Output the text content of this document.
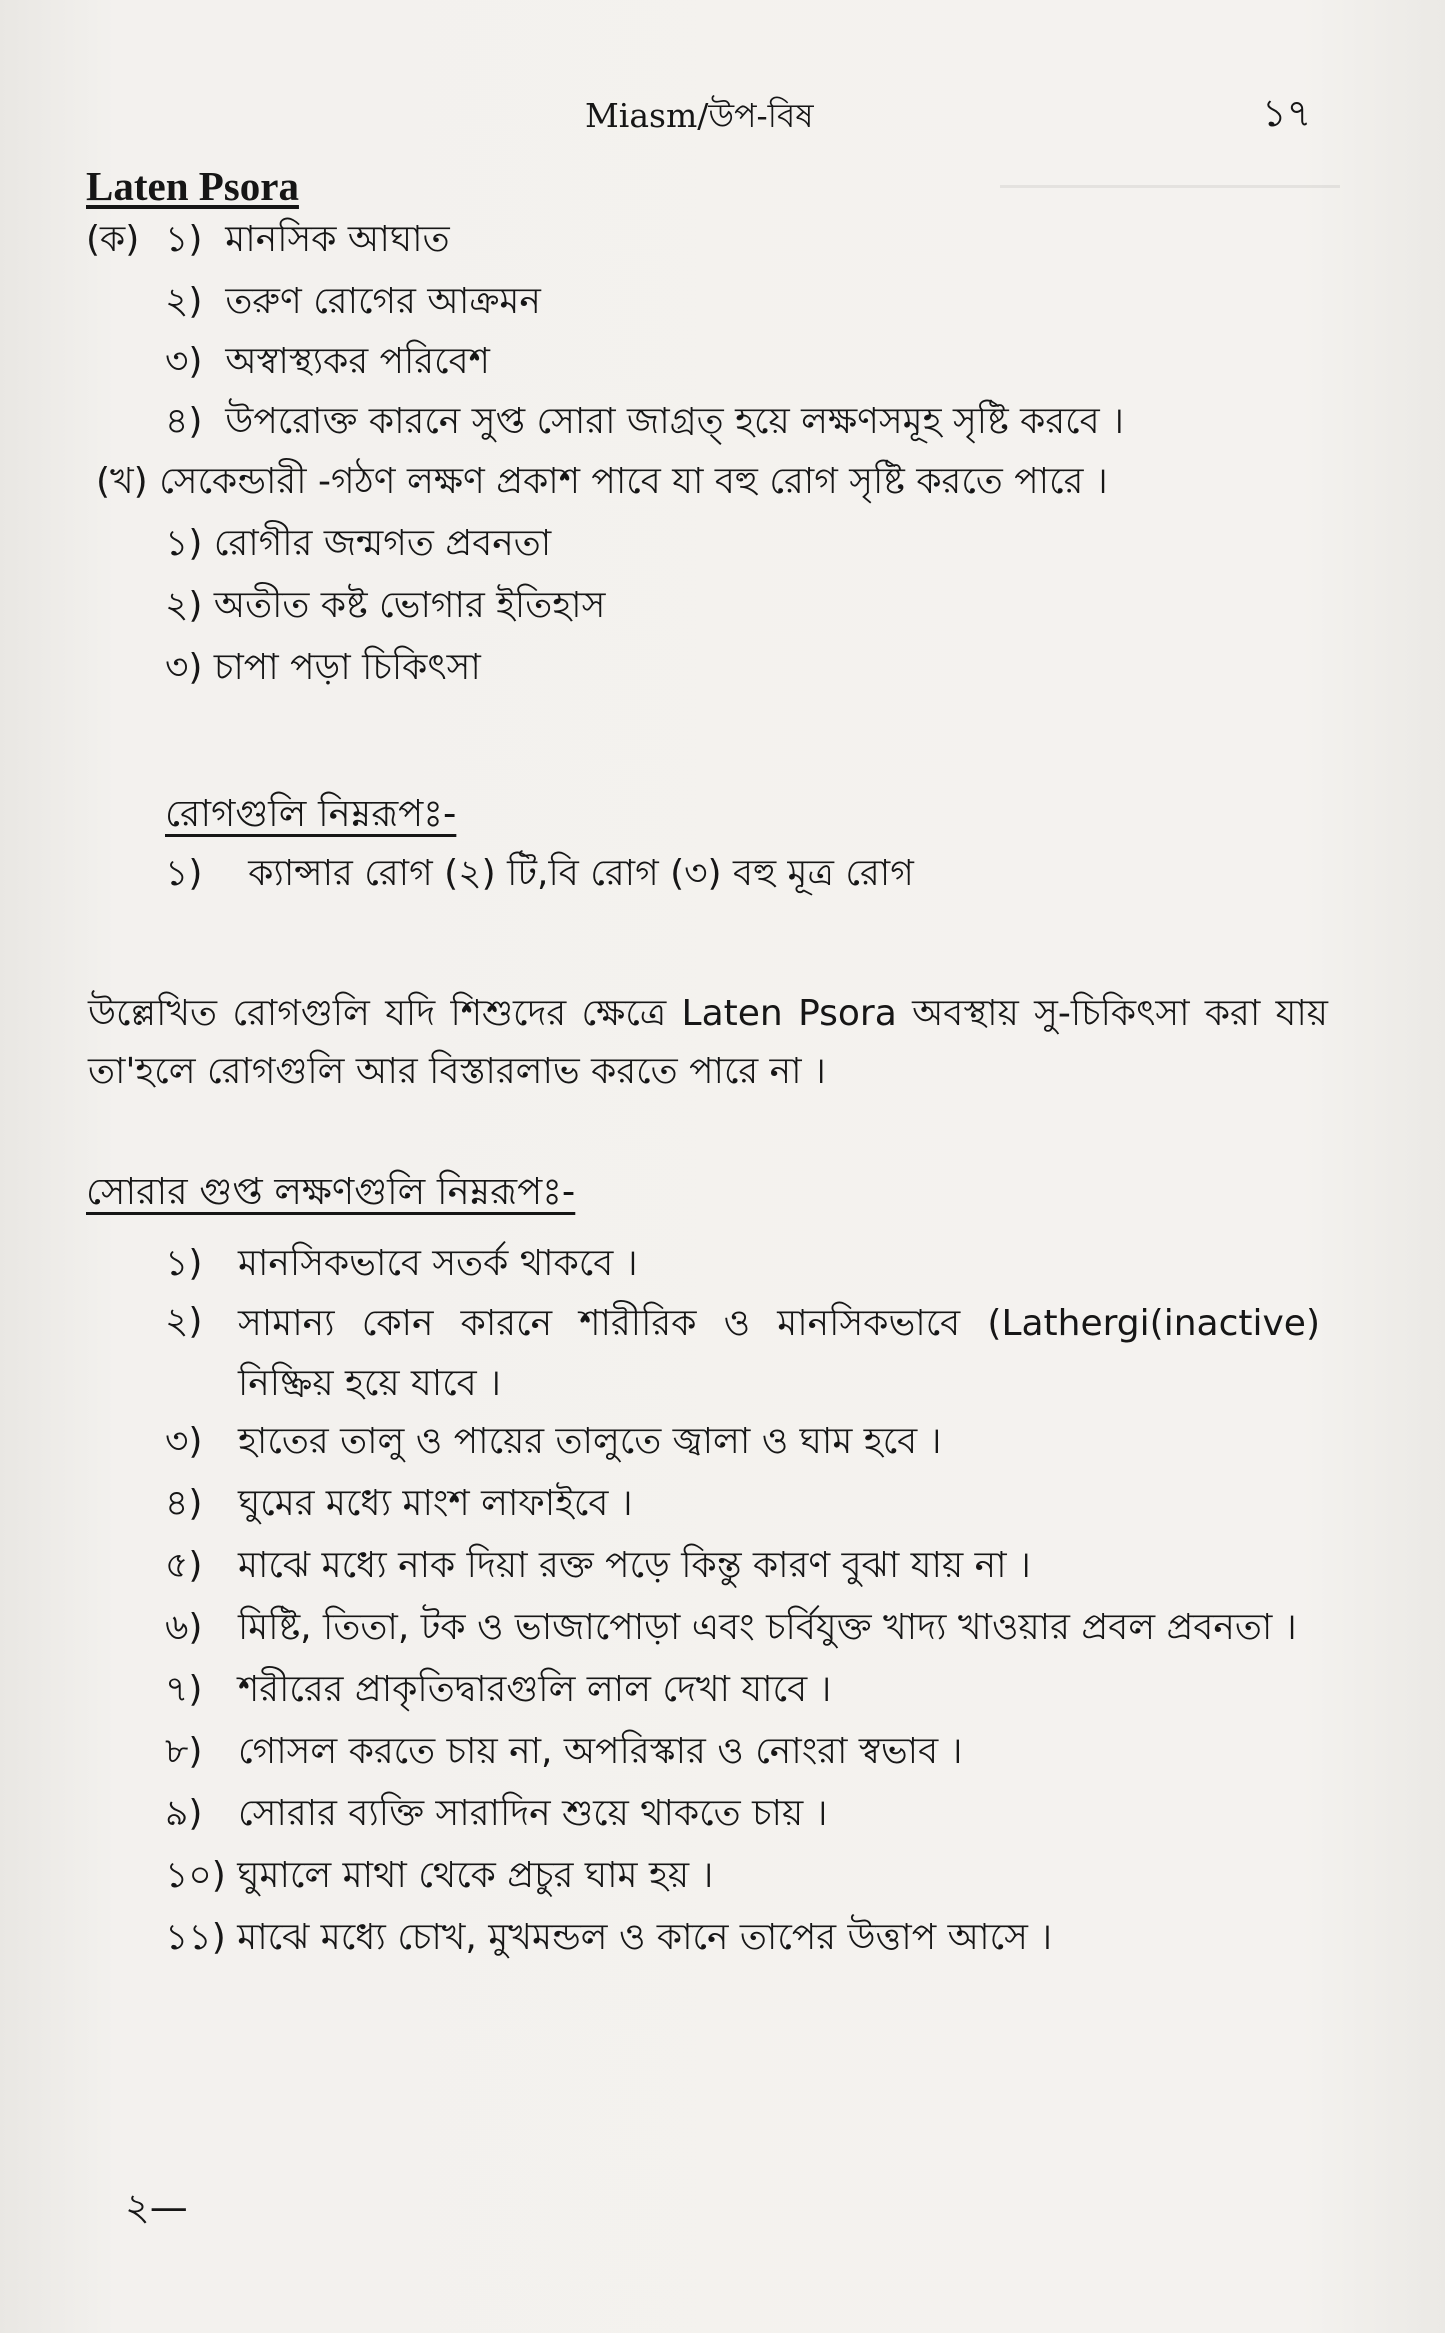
Miasm/উপ-বিষ	১৭
Laten Psora
(ক) ১) মানসিক আঘাত
২) তরুণ রোগের আক্রমন
৩) অস্বাস্থ্যকর পরিবেশ
৪) উপরোক্ত কারনে সুপ্ত সোরা জাগ্রত্ হয়ে লক্ষণসমূহ সৃষ্টি করবে ।
(খ) সেকেন্ডারী -গঠণ লক্ষণ প্রকাশ পাবে যা বহু রোগ সৃষ্টি করতে পারে ।
১) রোগীর জন্মগত প্রবনতা
২) অতীত কষ্ট ভোগার ইতিহাস
৩) চাপা পড়া চিকিৎসা
রোগগুলি নিম্নরূপঃ-
১) ক্যান্সার রোগ (২) টি,বি রোগ (৩) বহু মূত্র রোগ
উল্লেখিত রোগগুলি যদি শিশুদের ক্ষেত্রে Laten Psora অবস্থায় সু-চিকিৎসা করা যায় তা'হলে রোগগুলি আর বিস্তারলাভ করতে পারে না ।
সোরার গুপ্ত লক্ষণগুলি নিম্নরূপঃ-
১) মানসিকভাবে সতর্ক থাকবে ।
২) সামান্য কোন কারনে শারীরিক ও মানসিকভাবে (Lathergi(inactive) নিষ্ক্রিয় হয়ে যাবে ।
৩) হাতের তালু ও পায়ের তালুতে জ্বালা ও ঘাম হবে ।
৪) ঘুমের মধ্যে মাংশ লাফাইবে ।
৫) মাঝে মধ্যে নাক দিয়া রক্ত পড়ে কিন্তু কারণ বুঝা যায় না ।
৬) মিষ্টি, তিতা, টক ও ভাজাপোড়া এবং চর্বিযুক্ত খাদ্য খাওয়ার প্রবল প্রবনতা ।
৭) শরীরের প্রাকৃতিদ্বারগুলি লাল দেখা যাবে ।
৮) গোসল করতে চায় না, অপরিস্কার ও নোংরা স্বভাব ।
৯) সোরার ব্যক্তি সারাদিন শুয়ে থাকতে চায় ।
১০) ঘুমালে মাথা থেকে প্রচুর ঘাম হয় ।
১১) মাঝে মধ্যে চোখ, মুখমন্ডল ও কানে তাপের উত্তাপ আসে ।
২—
